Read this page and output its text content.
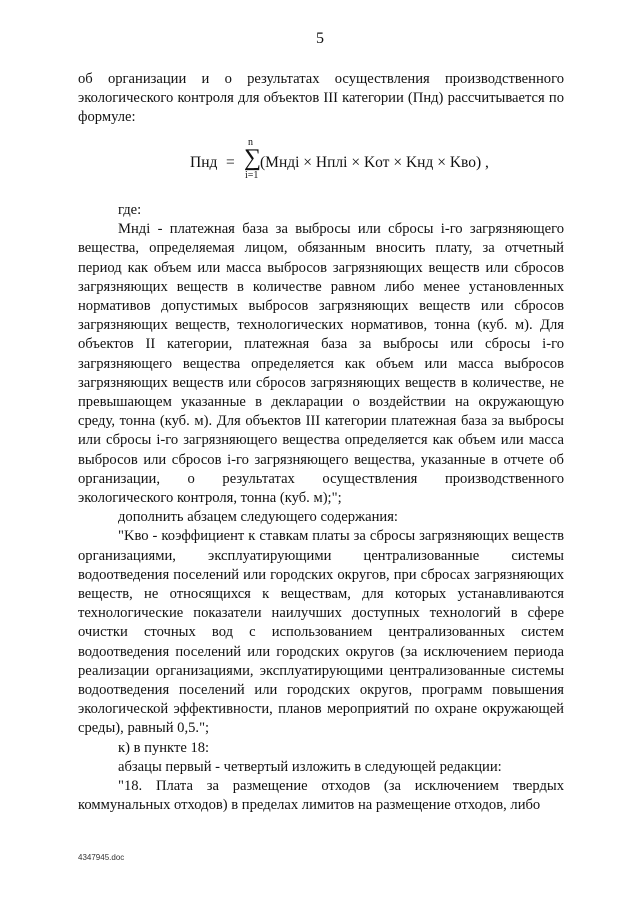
5

об организации и о результатах осуществления производственного экологического контроля для объектов III категории (Пнд) рассчитывается по формуле:

Пнд =
n
∑
i=1
(Mндi × Hплi × Kот × Kнд × Kво) ,

где:

Mндi - платежная база за выбросы или сбросы i-го загрязняющего вещества, определяемая лицом, обязанным вносить плату, за отчетный период как объем или масса выбросов загрязняющих веществ или сбросов загрязняющих веществ в количестве равном либо менее установленных нормативов допустимых выбросов загрязняющих веществ или сбросов загрязняющих веществ, технологических нормативов, тонна (куб. м). Для объектов II категории, платежная база за выбросы или сбросы i-го загрязняющего вещества определяется как объем или масса выбросов загрязняющих веществ или сбросов загрязняющих веществ в количестве, не превышающем указанные в декларации о воздействии на окружающую среду, тонна (куб. м). Для объектов III категории платежная база за выбросы или сбросы i-го загрязняющего вещества определяется как объем или масса выбросов или сбросов i-го загрязняющего вещества, указанные в отчете об организации, о результатах осуществления производственного экологического контроля, тонна (куб. м);";

дополнить абзацем следующего содержания:

"Kво - коэффициент к ставкам платы за сбросы загрязняющих веществ организациями, эксплуатирующими централизованные системы водоотведения поселений или городских округов, при сбросах загрязняющих веществ, не относящихся к веществам, для которых устанавливаются технологические показатели наилучших доступных технологий в сфере очистки сточных вод с использованием централизованных систем водоотведения поселений или городских округов (за исключением периода реализации организациями, эксплуатирующими централизованные системы водоотведения поселений или городских округов, программ повышения экологической эффективности, планов мероприятий по охране окружающей среды), равный 0,5.";

к) в пункте 18:

абзацы первый - четвертый изложить в следующей редакции:

"18. Плата за размещение отходов (за исключением твердых коммунальных отходов) в пределах лимитов на размещение отходов, либо

4347945.doc
